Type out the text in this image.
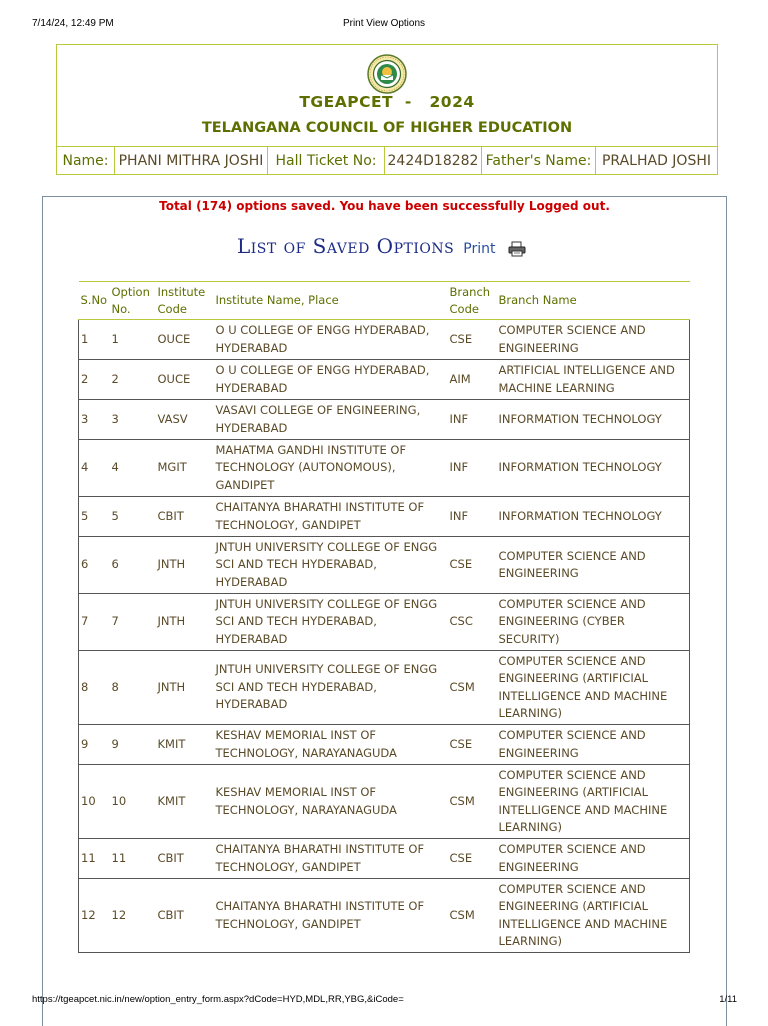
7/14/24, 12:49 PM	Print View Options
TGEAPCET  -   2024
TELANGANA COUNCIL OF HIGHER EDUCATION
Name: PHANI MITHRA JOSHI Hall Ticket No: 2424D18282 Father's Name: PRALHAD JOSHI
Total (174) options saved. You have been successfully Logged out.
List of Saved Options Print
S.No	Option No.	Institute Code	Institute Name, Place	Branch Code	Branch Name
1	1	OUCE	O U COLLEGE OF ENGG HYDERABAD, HYDERABAD	CSE	COMPUTER SCIENCE AND ENGINEERING
2	2	OUCE	O U COLLEGE OF ENGG HYDERABAD, HYDERABAD	AIM	ARTIFICIAL INTELLIGENCE AND MACHINE LEARNING
3	3	VASV	VASAVI COLLEGE OF ENGINEERING, HYDERABAD	INF	INFORMATION TECHNOLOGY
4	4	MGIT	MAHATMA GANDHI INSTITUTE OF TECHNOLOGY (AUTONOMOUS), GANDIPET	INF	INFORMATION TECHNOLOGY
5	5	CBIT	CHAITANYA BHARATHI INSTITUTE OF TECHNOLOGY, GANDIPET	INF	INFORMATION TECHNOLOGY
6	6	JNTH	JNTUH UNIVERSITY COLLEGE OF ENGG SCI AND TECH HYDERABAD, HYDERABAD	CSE	COMPUTER SCIENCE AND ENGINEERING
7	7	JNTH	JNTUH UNIVERSITY COLLEGE OF ENGG SCI AND TECH HYDERABAD, HYDERABAD	CSC	COMPUTER SCIENCE AND ENGINEERING (CYBER SECURITY)
8	8	JNTH	JNTUH UNIVERSITY COLLEGE OF ENGG SCI AND TECH HYDERABAD, HYDERABAD	CSM	COMPUTER SCIENCE AND ENGINEERING (ARTIFICIAL INTELLIGENCE AND MACHINE LEARNING)
9	9	KMIT	KESHAV MEMORIAL INST OF TECHNOLOGY, NARAYANAGUDA	CSE	COMPUTER SCIENCE AND ENGINEERING
10	10	KMIT	KESHAV MEMORIAL INST OF TECHNOLOGY, NARAYANAGUDA	CSM	COMPUTER SCIENCE AND ENGINEERING (ARTIFICIAL INTELLIGENCE AND MACHINE LEARNING)
11	11	CBIT	CHAITANYA BHARATHI INSTITUTE OF TECHNOLOGY, GANDIPET	CSE	COMPUTER SCIENCE AND ENGINEERING
12	12	CBIT	CHAITANYA BHARATHI INSTITUTE OF TECHNOLOGY, GANDIPET	CSM	COMPUTER SCIENCE AND ENGINEERING (ARTIFICIAL INTELLIGENCE AND MACHINE LEARNING)
https://tgeapcet.nic.in/new/option_entry_form.aspx?dCode=HYD,MDL,RR,YBG,&iCode=	1/11
